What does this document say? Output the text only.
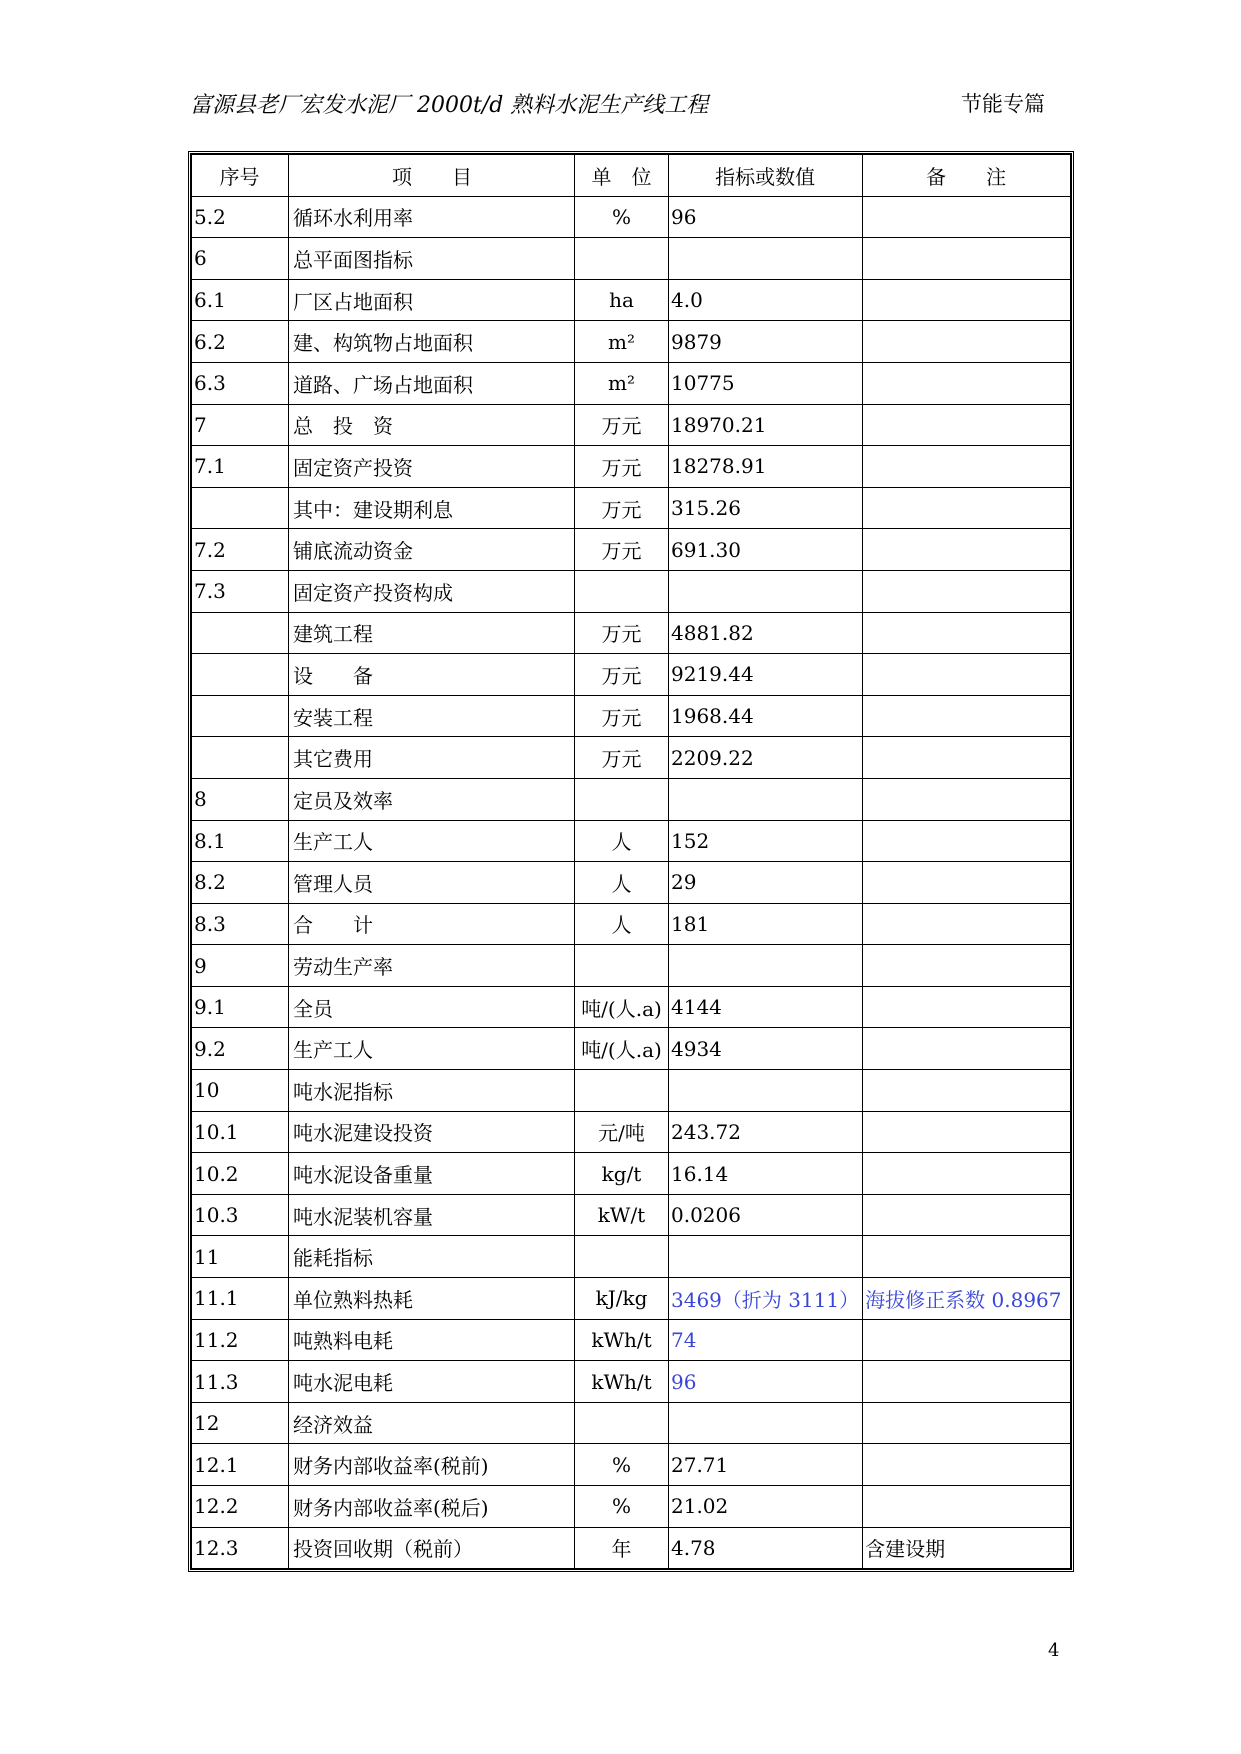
富源县老厂宏发水泥厂 2000t/d 熟料水泥生产线工程	节能专篇
序号	项　　目	单　位	指标或数值	备　　注
5.2	循环水利用率	%	96	
6	总平面图指标			
6.1	厂区占地面积	ha	4.0	
6.2	建、构筑物占地面积	m²	9879	
6.3	道路、广场占地面积	m²	10775	
7	总　投　资	万元	18970.21	
7.1	固定资产投资	万元	18278.91	
	其中：建设期利息	万元	315.26	
7.2	铺底流动资金	万元	691.30	
7.3	固定资产投资构成			
	建筑工程	万元	4881.82	
	设　　备	万元	9219.44	
	安装工程	万元	1968.44	
	其它费用	万元	2209.22	
8	定员及效率			
8.1	生产工人	人	152	
8.2	管理人员	人	29	
8.3	合　　计	人	181	
9	劳动生产率			
9.1	全员	吨/(人.a)	4144	
9.2	生产工人	吨/(人.a)	4934	
10	吨水泥指标			
10.1	吨水泥建设投资	元/吨	243.72	
10.2	吨水泥设备重量	kg/t	16.14	
10.3	吨水泥装机容量	kW/t	0.0206	
11	能耗指标			
11.1	单位熟料热耗	kJ/kg	3469（折为 3111）	海拔修正系数 0.8967
11.2	吨熟料电耗	kWh/t	74	
11.3	吨水泥电耗	kWh/t	96	
12	经济效益			
12.1	财务内部收益率(税前)	%	27.71	
12.2	财务内部收益率(税后)	%	21.02	
12.3	投资回收期（税前）	年	4.78	含建设期
4
